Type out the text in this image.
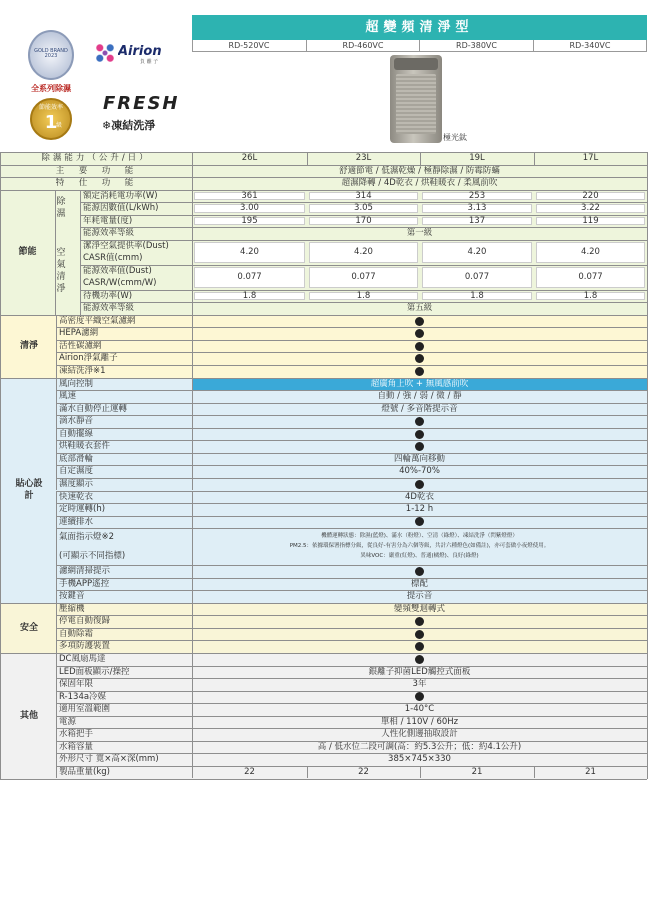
超變頻清淨型
RD-520VC	RD-460VC	RD-380VC	RD-340VC
極光鈦
GOLD BRAND 2023	Airion
負 離 子
全系列除濕
節能效率
1
級
FRESH
❄凍結洗淨
除濕能力（公升/日）	26L	23L	19L	17L
主　要　功　能	舒適節電 / 低濕乾燥 / 極靜除濕 / 防霉防蟎
特　仕　功　能	超濕降轉 / 4D乾衣 / 烘鞋暖衣 / 柔風前吹
節能
除濕
空氣清淨
額定消耗電功率(W)	361	314	253	220
能源因數值(L/kWh)	3.00	3.05	3.13	3.22
年耗電量(度)	195	170	137	119
能源效率等級	第一級
潔淨空氣提供率(Dust)
CASR值(cmm)
4.20	4.20	4.20	4.20
能源效率值(Dust)
CASR/W(cmm/W)
0.077	0.077	0.077	0.077
待機功率(W)	1.8	1.8	1.8	1.8
能源效率等級	第五級
清淨
高密度平織空氣濾網
HEPA濾網
活性碳濾網
Airion淨氣離子
凍結洗淨※1
貼心設計
風向控制	超廣角上吹 + 無風感前吹
風速	自動 / 強 / 弱 / 微 / 靜
滿水自動停止運轉	燈號 / 多音階提示音
滴水靜音
自動擺線
烘鞋暖衣套件
底部滑輪	四輪萬向移動
自定濕度	40%-70%
濕度顯示
快速乾衣	4D乾衣
定時運轉(h)	1-12 h
連續排水
氣面指示燈※2
(可顯示不同指標)
機體運轉狀態：除濕(藍燈)、滿水（粉燈）、空清（綠燈）、凍結洗淨（閃紫燈燈）
PM2.5：依據環保署指標分級，從良好-有害分為六個等級，共計六種燈色(如備註)，亦可套做小夜燈使用。
異味VOC：嚴重(紅燈)、普通(橘燈)、良好(綠燈)
濾網清掃提示
手機APP遙控	標配
按鍵音	提示音
安全
壓縮機	變頻雙迴轉式
停電自動復歸
自動除霜
多項防護裝置
其他
DC風扇馬達
LED面板顯示/操控	銀離子抑菌LED觸控式面板
保固年限	3年
R-134a冷媒
適用室溫範圍	1-40°C
電源	單相 / 110V / 60Hz
水箱把手	人性化側邊抽取設計
水箱容量	高 / 低水位二段可調(高：約5.3公升；低：約4.1公升)
外形尺寸 寬×高×深(mm)	385×745×330
製品重量(kg)	22	22	21	21
